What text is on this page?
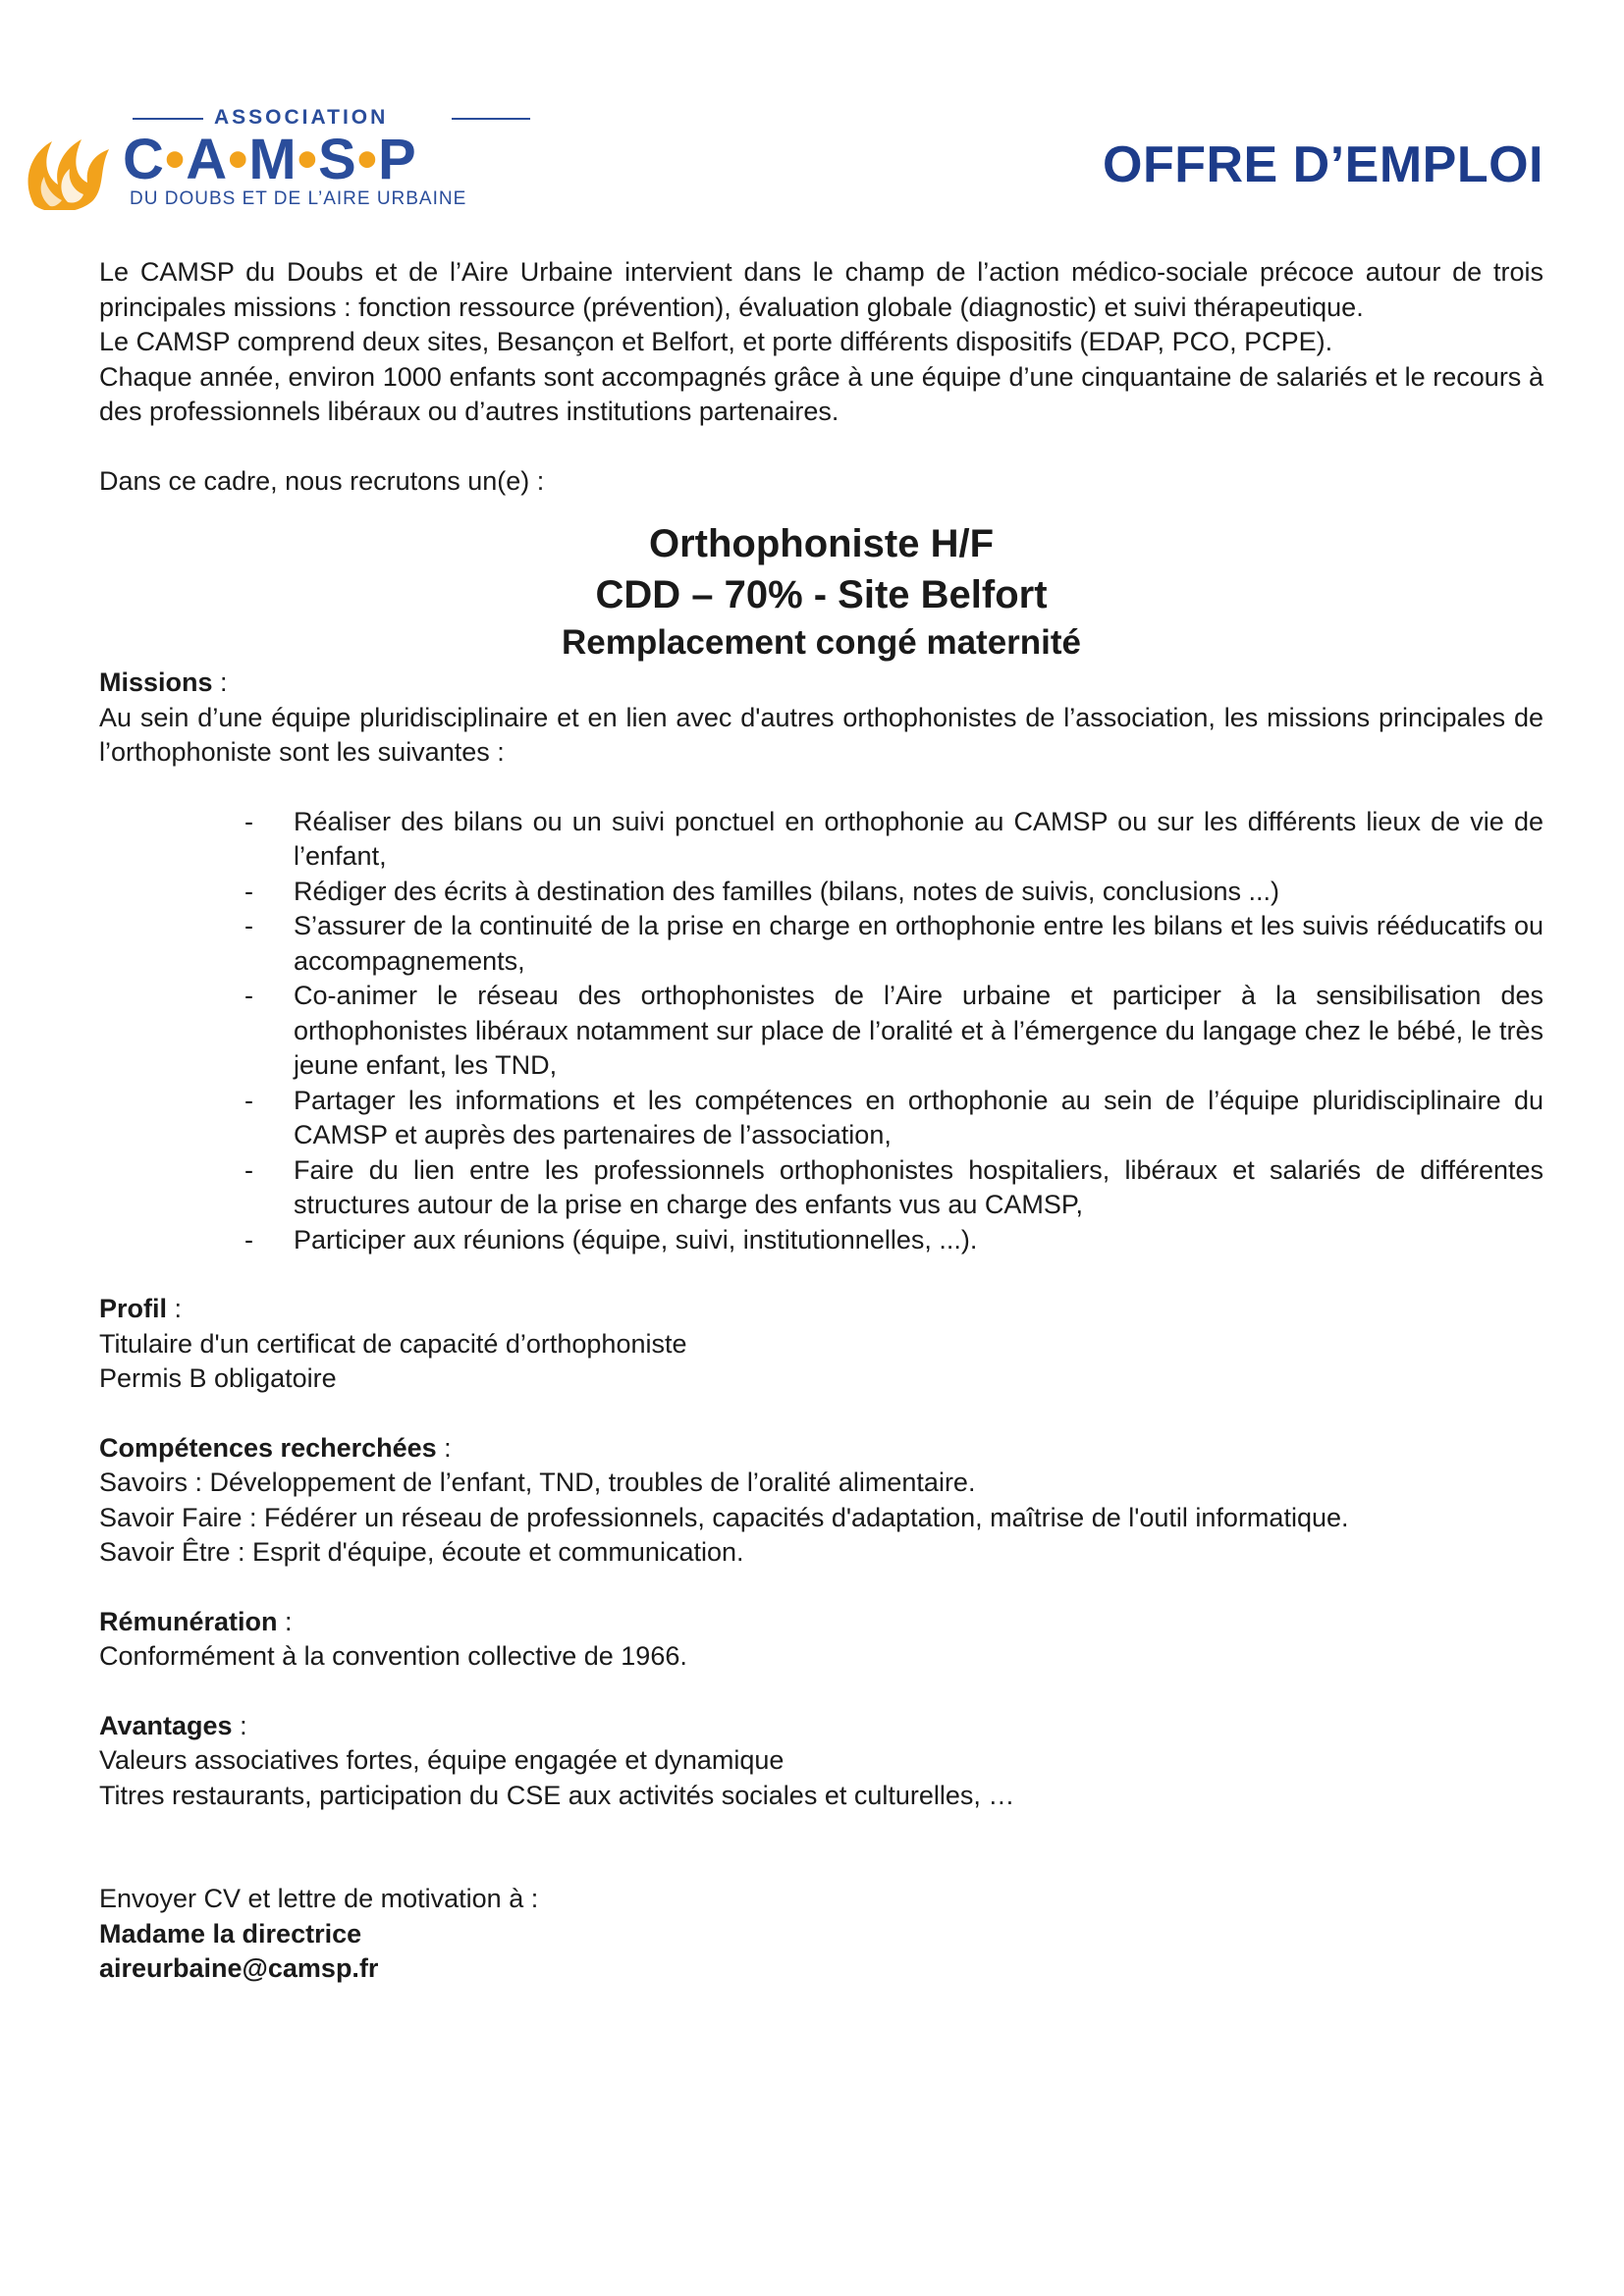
ASSOCIATION
C•A•M•S•P
DU DOUBS ET DE L’AIRE URBAINE
OFFRE D’EMPLOI

Le CAMSP du Doubs et de l’Aire Urbaine intervient dans le champ de l’action médico-sociale précoce autour de trois principales missions : fonction ressource (prévention), évaluation globale (diagnostic) et suivi thérapeutique.

Le CAMSP comprend deux sites, Besançon et Belfort, et porte différents dispositifs (EDAP, PCO, PCPE).

Chaque année, environ 1000 enfants sont accompagnés grâce à une équipe d’une cinquantaine de salariés et le recours à des professionnels libéraux ou d’autres institutions partenaires.

Dans ce cadre, nous recrutons un(e) :

Orthophoniste H/F
CDD – 70% - Site Belfort
Remplacement congé maternité

Missions :

Au sein d’une équipe pluridisciplinaire et en lien avec d'autres orthophonistes de l’association, les missions principales de l’orthophoniste sont les suivantes :

- Réaliser des bilans ou un suivi ponctuel en orthophonie au CAMSP ou sur les différents lieux de vie de l’enfant,
- Rédiger des écrits à destination des familles (bilans, notes de suivis, conclusions ...)
- S’assurer de la continuité de la prise en charge en orthophonie entre les bilans et les suivis rééducatifs ou accompagnements,
- Co-animer le réseau des orthophonistes de l’Aire urbaine et participer à la sensibilisation des orthophonistes libéraux notamment sur place de l’oralité et à l’émergence du langage chez le bébé, le très jeune enfant, les TND,
- Partager les informations et les compétences en orthophonie au sein de l’équipe pluridisciplinaire du CAMSP et auprès des partenaires de l’association,
- Faire du lien entre les professionnels orthophonistes hospitaliers, libéraux et salariés de différentes structures autour de la prise en charge des enfants vus au CAMSP,
- Participer aux réunions (équipe, suivi, institutionnelles, ...).

Profil :

Titulaire d'un certificat de capacité d’orthophoniste

Permis B obligatoire

Compétences recherchées :

Savoirs : Développement de l’enfant, TND, troubles de l’oralité alimentaire.

Savoir Faire : Fédérer un réseau de professionnels, capacités d'adaptation, maîtrise de l'outil informatique.

Savoir Être : Esprit d'équipe, écoute et communication.

Rémunération :

Conformément à la convention collective de 1966.

Avantages :

Valeurs associatives fortes, équipe engagée et dynamique

Titres restaurants, participation du CSE aux activités sociales et culturelles, …

Envoyer CV et lettre de motivation à :

Madame la directrice

aireurbaine@camsp.fr
